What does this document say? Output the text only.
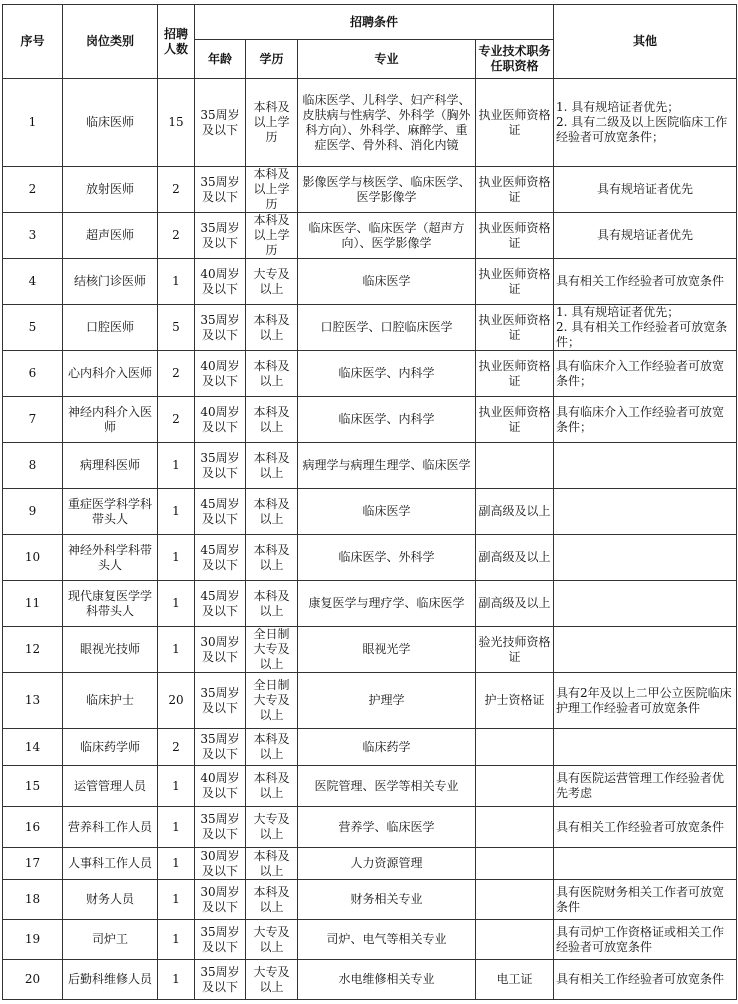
序号	岗位类别	招聘人数	招聘条件				其他
			年龄	学历	专业	专业技术职务任职资格	
1	临床医师	15	35周岁及以下	本科及以上学历	临床医学、儿科学、妇产科学、皮肤病与性病学、外科学（胸外科方向）、外科学、麻醉学、重症医学、骨外科、消化内镜	执业医师资格证	1. 具有规培证者优先；
2. 具有二级及以上医院临床工作经验者可放宽条件；
2	放射医师	2	35周岁及以下	本科及以上学历	影像医学与核医学、临床医学、医学影像学	执业医师资格证	具有规培证者优先
3	超声医师	2	35周岁及以下	本科及以上学历	临床医学、临床医学（超声方向）、医学影像学	执业医师资格证	具有规培证者优先
4	结核门诊医师	1	40周岁及以下	大专及以上	临床医学	执业医师资格证	具有相关工作经验者可放宽条件
5	口腔医师	5	35周岁及以下	本科及以上	口腔医学、口腔临床医学	执业医师资格证	1. 具有规培证者优先；
2. 具有相关工作经验者可放宽条件；
6	心内科介入医师	2	40周岁及以下	本科及以上	临床医学、内科学	执业医师资格证	具有临床介入工作经验者可放宽条件；
7	神经内科介入医师	2	40周岁及以下	本科及以上	临床医学、内科学	执业医师资格证	具有临床介入工作经验者可放宽条件；
8	病理科医师	1	35周岁及以下	本科及以上	病理学与病理生理学、临床医学		
9	重症医学科学科带头人	1	45周岁及以下	本科及以上	临床医学	副高级及以上	
10	神经外科学科带头人	1	45周岁及以下	本科及以上	临床医学、外科学	副高级及以上	
11	现代康复医学学科带头人	1	45周岁及以下	本科及以上	康复医学与理疗学、临床医学	副高级及以上	
12	眼视光技师	1	30周岁及以下	全日制大专及以上	眼视光学	验光技师资格证	
13	临床护士	20	35周岁及以下	全日制大专及以上	护理学	护士资格证	具有2年及以上二甲公立医院临床护理工作经验者可放宽条件
14	临床药学师	2	35周岁及以下	本科及以上	临床药学		
15	运管管理人员	1	40周岁及以下	本科及以上	医院管理、医学等相关专业		具有医院运营管理工作经验者优先考虑
16	营养科工作人员	1	35周岁及以下	大专及以上	营养学、临床医学		具有相关工作经验者可放宽条件
17	人事科工作人员	1	30周岁及以下	本科及以上	人力资源管理		
18	财务人员	1	30周岁及以下	本科及以上	财务相关专业		具有医院财务相关工作者可放宽条件
19	司炉工	1	35周岁及以下	大专及以上	司炉、电气等相关专业		具有司炉工作资格证或相关工作经验者可放宽条件
20	后勤科维修人员	1	35周岁及以下	大专及以上	水电维修相关专业	电工证	具有相关工作经验者可放宽条件
